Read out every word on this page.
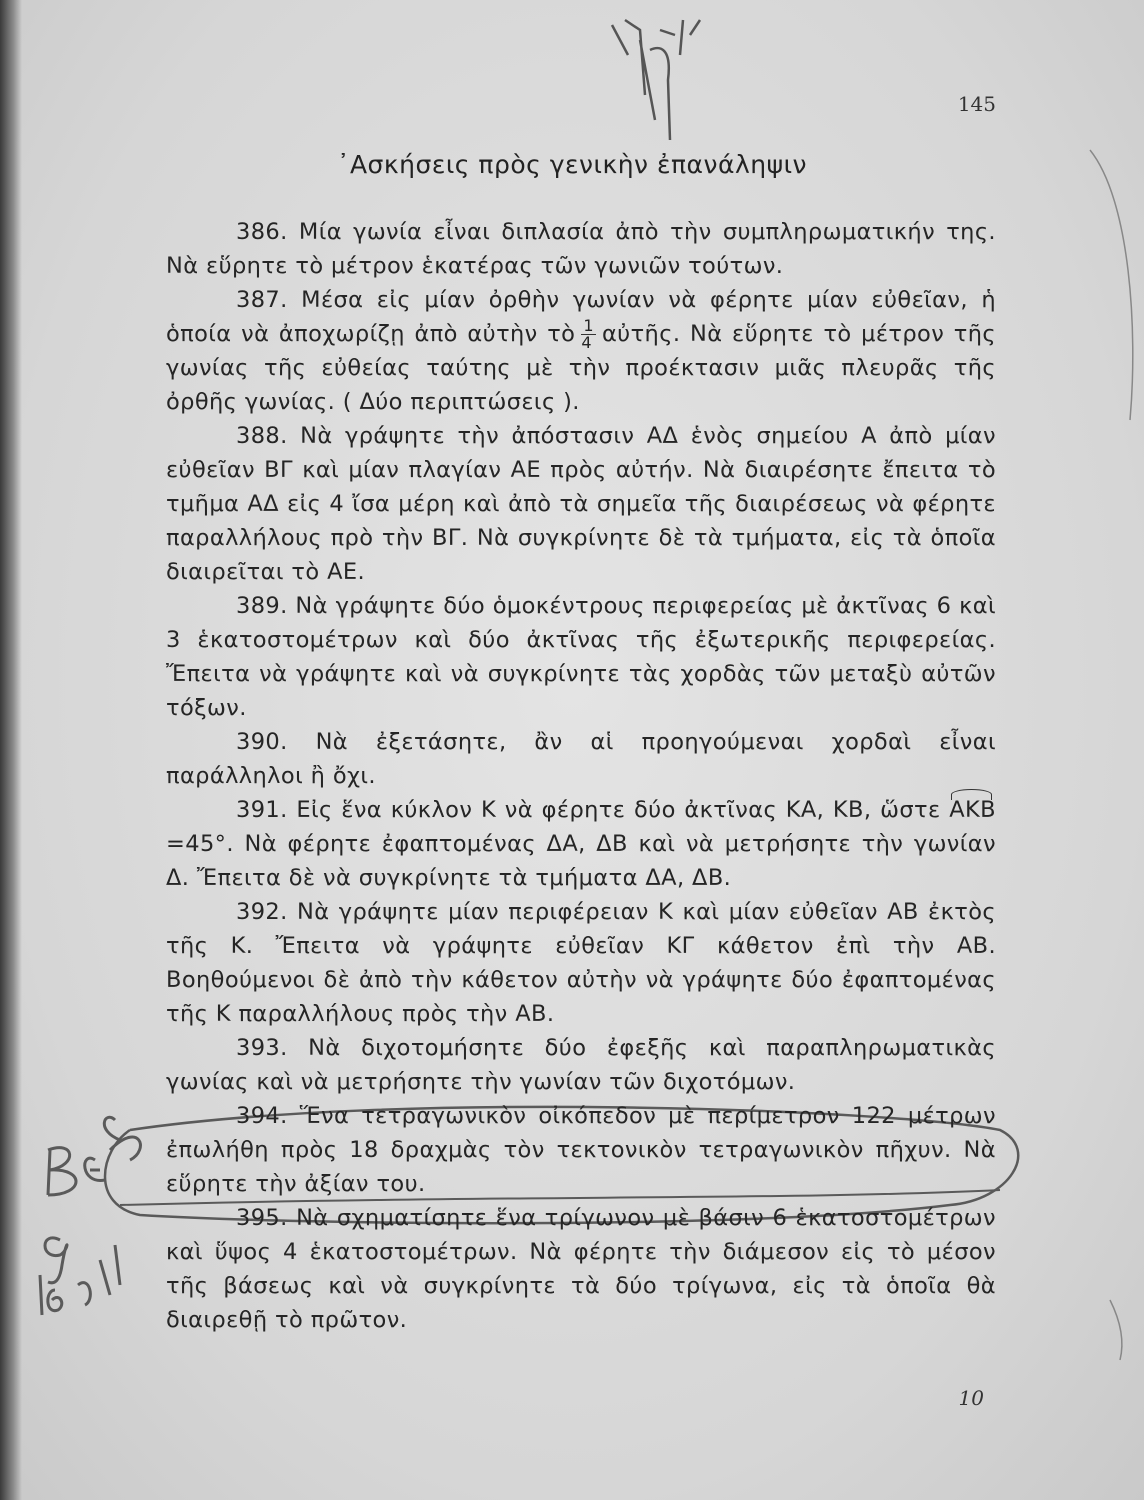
145
᾿Ασκήσεις πρὸς γενικὴν ἐπανάληψιν

386. Μία γωνία εἶναι διπλασία ἀπὸ τὴν συμπληρωματικήν της. Νὰ εὕρητε τὸ μέτρον ἑκατέρας τῶν γωνιῶν τούτων.

387. Μέσα εἰς μίαν ὀρθὴν γωνίαν νὰ φέρητε μίαν εὐθεῖαν, ἡ ὁποία νὰ ἀποχωρίζῃ ἀπὸ αὐτὴν τὸ $\frac{1}{4}$ αὐτῆς. Νὰ εὕρητε τὸ μέτρον τῆς γωνίας τῆς εὐθείας ταύτης μὲ τὴν προέκτασιν μιᾶς πλευρᾶς τῆς ὀρθῆς γωνίας. ( Δύο περιπτώσεις ).

388. Νὰ γράψητε τὴν ἀπόστασιν ΑΔ ἑνὸς σημείου Α ἀπὸ μίαν εὐθεῖαν ΒΓ καὶ μίαν πλαγίαν ΑΕ πρὸς αὐτήν. Νὰ διαιρέσητε ἔπειτα τὸ τμῆμα ΑΔ εἰς 4 ἴσα μέρη καὶ ἀπὸ τὰ σημεῖα τῆς διαιρέσεως νὰ φέρητε παραλλήλους πρὸ τὴν ΒΓ. Νὰ συγκρίνητε δὲ τὰ τμήματα, εἰς τὰ ὁποῖα διαιρεῖται τὸ ΑΕ.

389. Νὰ γράψητε δύο ὁμοκέντρους περιφερείας μὲ ἀκτῖνας 6 καὶ 3 ἑκατοστομέτρων καὶ δύο ἀκτῖνας τῆς ἐξωτερικῆς περιφερείας. Ἔπειτα νὰ γράψητε καὶ νὰ συγκρίνητε τὰς χορδὰς τῶν μεταξὺ αὐτῶν τόξων.

390. Νὰ ἐξετάσητε, ἂν αἱ προηγούμεναι χορδαὶ εἶναι παράλληλοι ἢ ὄχι.

391. Εἰς ἕνα κύκλον Κ νὰ φέρητε δύο ἀκτῖνας ΚΑ, ΚΒ, ὥστε ΑΚΒ=45°. Νὰ φέρητε ἐφαπτομένας ΔΑ, ΔΒ καὶ νὰ μετρήσητε τὴν γωνίαν Δ. Ἔπειτα δὲ νὰ συγκρίνητε τὰ τμήματα ΔΑ, ΔΒ.

392. Νὰ γράψητε μίαν περιφέρειαν Κ καὶ μίαν εὐθεῖαν ΑΒ ἐκτὸς τῆς Κ. Ἔπειτα νὰ γράψητε εὐθεῖαν ΚΓ κάθετον ἐπὶ τὴν ΑΒ. Βοηθούμενοι δὲ ἀπὸ τὴν κάθετον αὐτὴν νὰ γράψητε δύο ἐφαπτομένας τῆς Κ παραλλήλους πρὸς τὴν ΑΒ.

393. Νὰ διχοτομήσητε δύο ἐφεξῆς καὶ παραπληρωματικὰς γωνίας καὶ νὰ μετρήσητε τὴν γωνίαν τῶν διχοτόμων.

394. Ἕνα τετραγωνικὸν οἰκόπεδον μὲ περίμετρον 122 μέτρων ἐπωλήθη πρὸς 18 δραχμὰς τὸν τεκτονικὸν τετραγωνικὸν πῆχυν. Νὰ εὕρητε τὴν ἀξίαν του.

395. Νὰ σχηματίσητε ἕνα τρίγωνον μὲ βάσιν 6 ἑκατοστομέτρων καὶ ὕψος 4 ἑκατοστομέτρων. Νὰ φέρητε τὴν διάμεσον εἰς τὸ μέσον τῆς βάσεως καὶ νὰ συγκρίνητε τὰ δύο τρίγωνα, εἰς τὰ ὁποῖα θὰ διαιρεθῇ τὸ πρῶτον.

10
